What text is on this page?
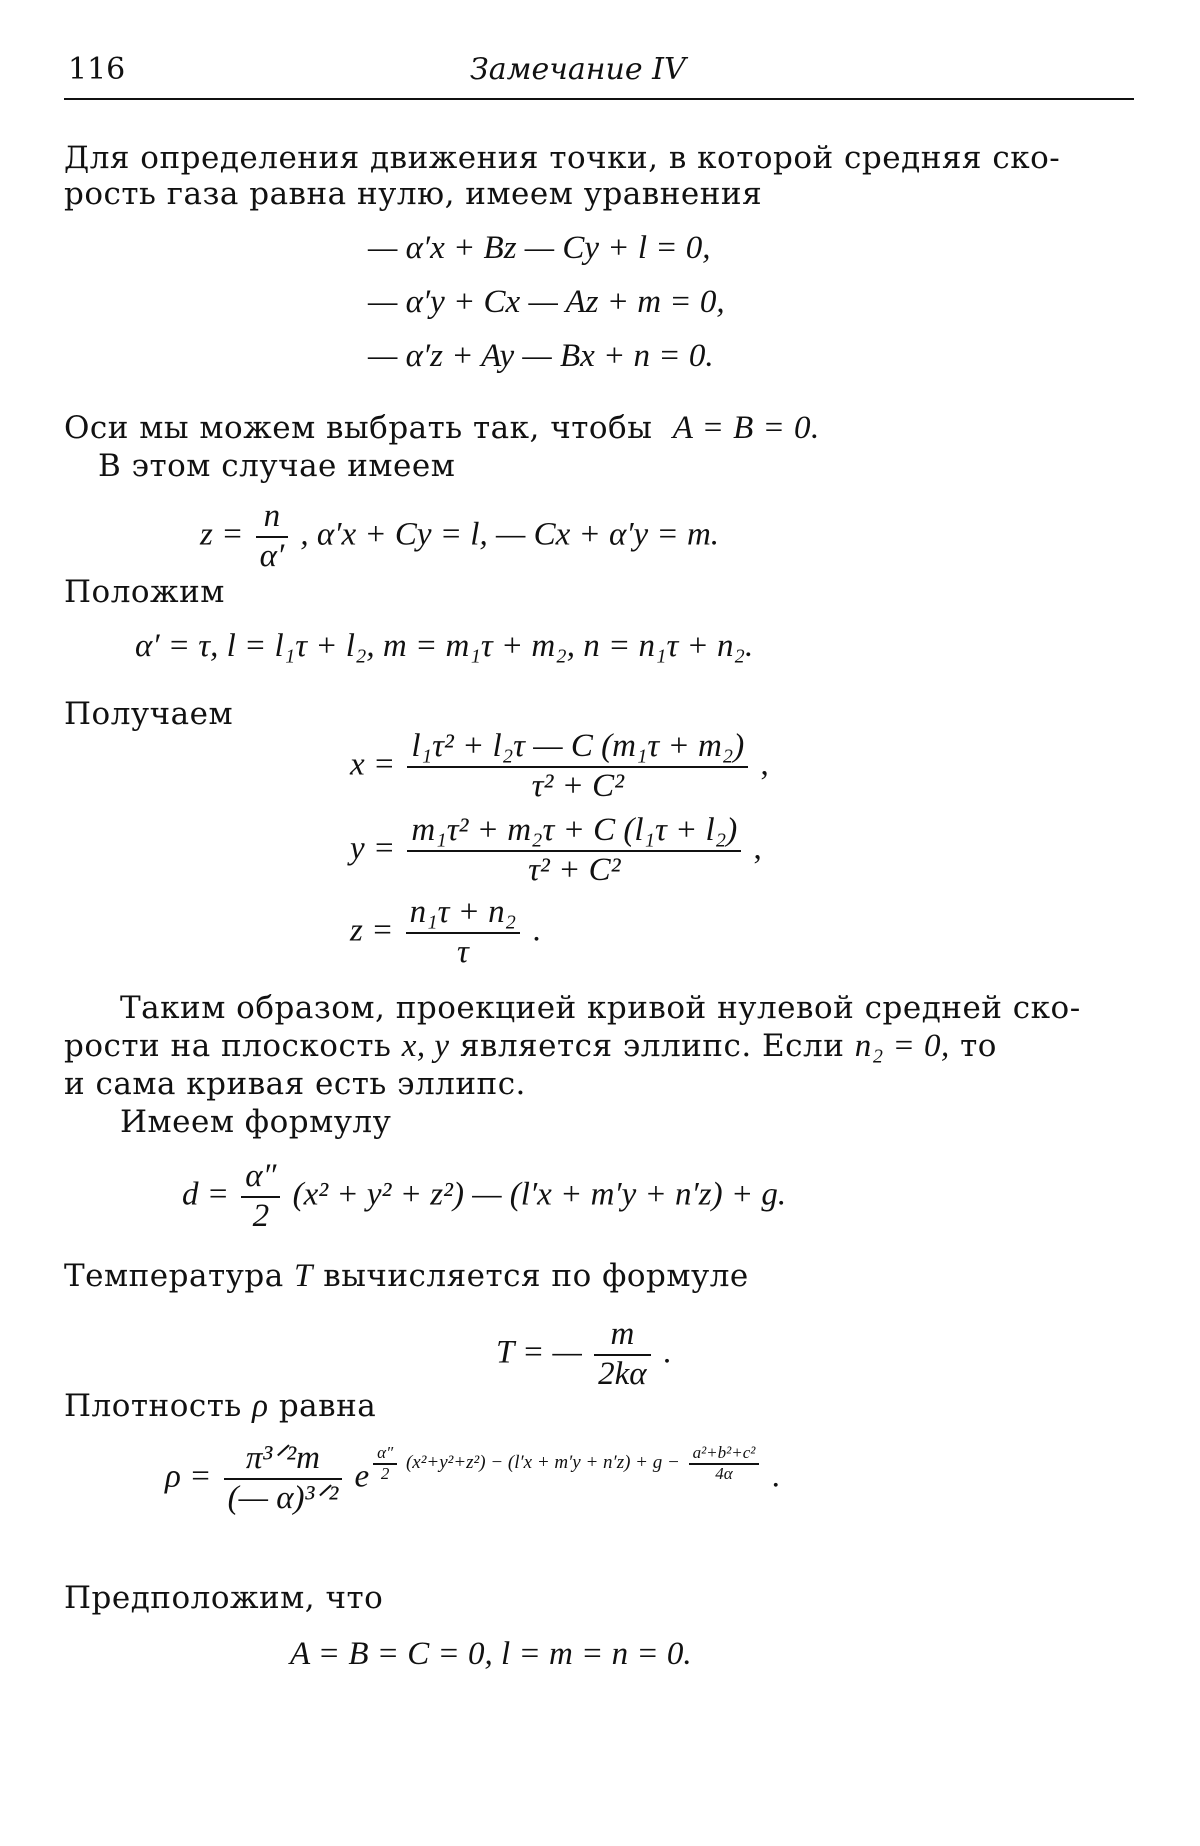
116	Замечание IV
Для определения движения точки, в которой средняя ско-
рость газа равна нулю, имеем уравнения
— α′x + Bz — Cy + l = 0,
— α′y + Cx — Az + m = 0,
— α′z + Ay — Bx + n = 0.
Оси мы можем выбрать так, чтобы A = B = 0.
В этом случае имеем
$z = \frac{n}{\alpha'}$ , α′x + Cy = l, — Cx + α′y = m.
Положим
α′ = τ, l = l₁τ + l₂, m = m₁τ + m₂, n = n₁τ + n₂.
Получаем
$x = \frac{\text{l₁τ² + l₂τ — C (m₁τ + m₂)}}{\text{τ² + C²}}$ ,
$y = \frac{\text{m₁τ² + m₂τ + C (l₁τ + l₂)}}{\text{τ² + C²}}$ ,
$z = \frac{\text{n₁τ + n₂}}{\tau}$ .
Таким образом, проекцией кривой нулевой средней ско-
рости на плоскость x, y является эллипс. Если n₂ = 0, то
и сама кривая есть эллипс.
Имеем формулу
$d = \frac{\alpha''}{2} (x^2 + y^2 + z^2)$ — (l′x + m′y + n′z) + g.
Температура T вычисляется по формуле
T = — $\frac{m}{2k\alpha}$ .
Плотность ρ равна
$\rho = \frac{\text{π³ᐟ²m}}{\text{(— α)³ᐟ²}}$ e $\frac{\alpha''}{2} (x^2+y^2+z^2) - (l'x + m'y + n'z) + g - \frac{\text{a²+b²+c²}}{4\alpha}$ .
Предположим, что
A = B = C = 0, l = m = n = 0.
